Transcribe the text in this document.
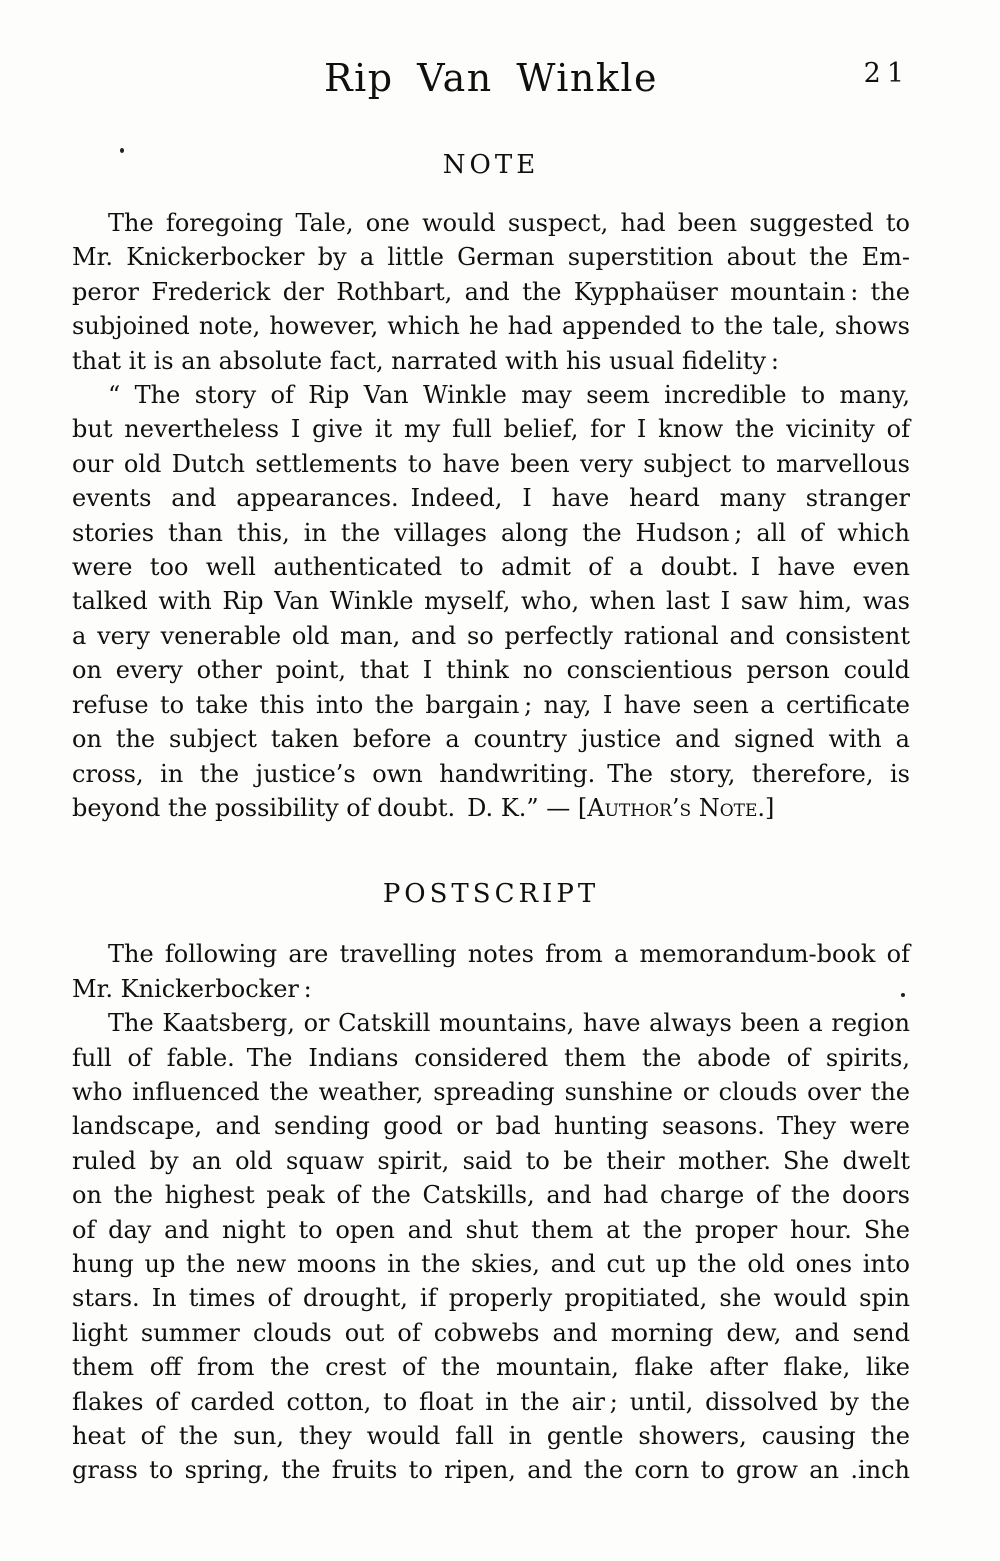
Rip Van Winkle	21
NOTE
The foregoing Tale, one would suspect, had been suggested to
Mr. Knickerbocker by a little German superstition about the Em-
peror Frederick der Rothbart, and the Kypphaüser mountain : the
subjoined note, however, which he had appended to the tale, shows
that it is an absolute fact, narrated with his usual fidelity :
“ The story of Rip Van Winkle may seem incredible to many,
but nevertheless I give it my full belief, for I know the vicinity of
our old Dutch settlements to have been very subject to marvellous
events and appearances. Indeed, I have heard many stranger
stories than this, in the villages along the Hudson ; all of which
were too well authenticated to admit of a doubt. I have even
talked with Rip Van Winkle myself, who, when last I saw him, was
a very venerable old man, and so perfectly rational and consistent
on every other point, that I think no conscientious person could
refuse to take this into the bargain ; nay, I have seen a certificate
on the subject taken before a country justice and signed with a
cross, in the justice’s own handwriting. The story, therefore, is
beyond the possibility of doubt. D. K.” — [Author’s Note.]
POSTSCRIPT
The following are travelling notes from a memorandum-book of
Mr. Knickerbocker :
The Kaatsberg, or Catskill mountains, have always been a region
full of fable. The Indians considered them the abode of spirits,
who influenced the weather, spreading sunshine or clouds over the
landscape, and sending good or bad hunting seasons. They were
ruled by an old squaw spirit, said to be their mother. She dwelt
on the highest peak of the Catskills, and had charge of the doors
of day and night to open and shut them at the proper hour. She
hung up the new moons in the skies, and cut up the old ones into
stars. In times of drought, if properly propitiated, she would spin
light summer clouds out of cobwebs and morning dew, and send
them off from the crest of the mountain, flake after flake, like
flakes of carded cotton, to float in the air ; until, dissolved by the
heat of the sun, they would fall in gentle showers, causing the
grass to spring, the fruits to ripen, and the corn to grow an .inch
